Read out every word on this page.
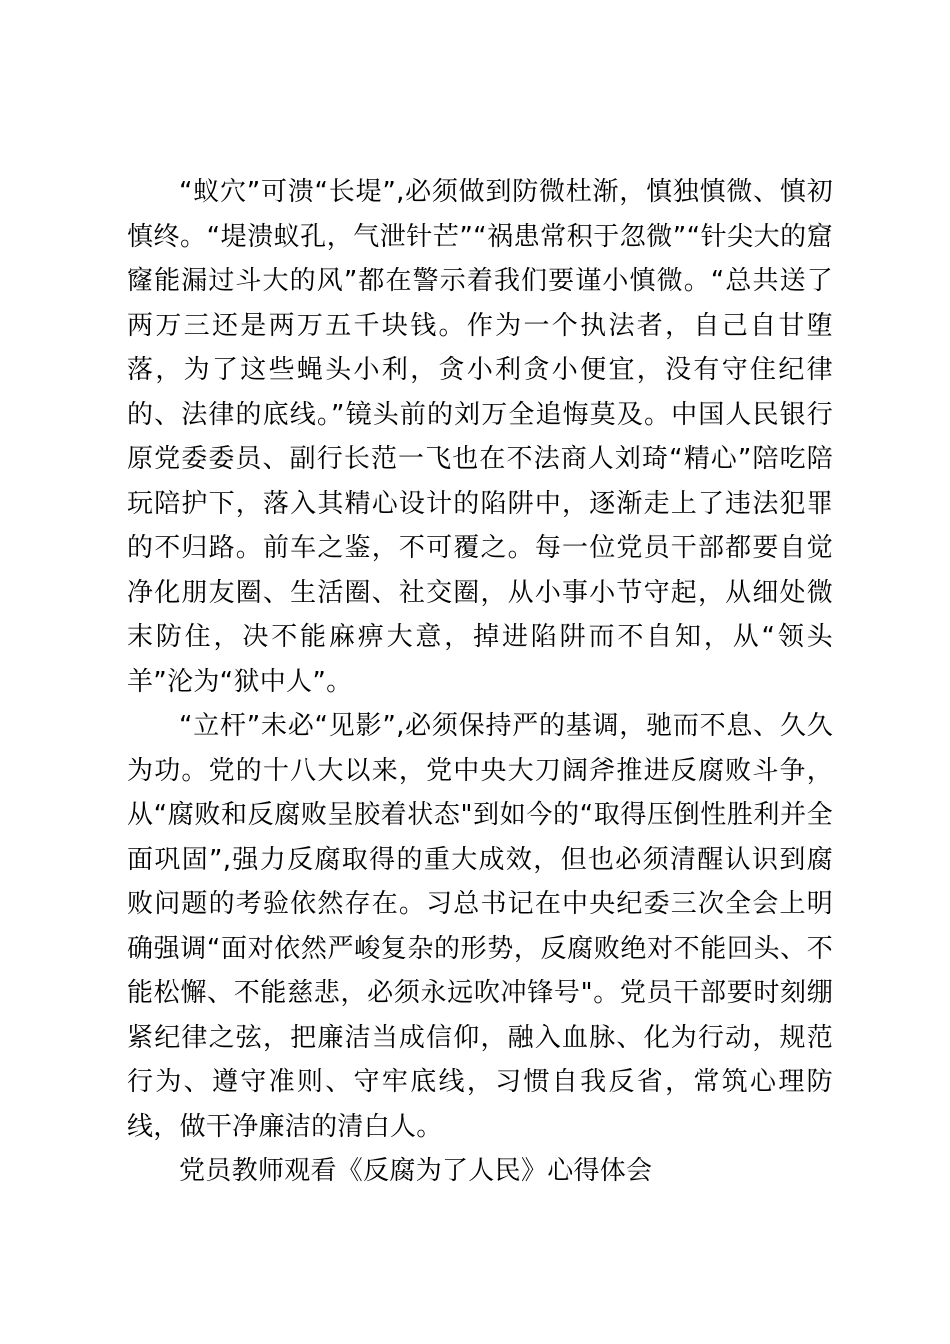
“蚁穴”可溃“长堤”,必须做到防微杜渐，慎独慎微、慎初慎终。“堤溃蚁孔，气泄针芒”“祸患常积于忽微”“针尖大的窟窿能漏过斗大的风”都在警示着我们要谨小慎微。“总共送了两万三还是两万五千块钱。作为一个执法者，自己自甘堕落，为了这些蝇头小利，贪小利贪小便宜，没有守住纪律的、法律的底线。”镜头前的刘万全追悔莫及。中国人民银行原党委委员、副行长范一飞也在不法商人刘琦“精心”陪吃陪玩陪护下，落入其精心设计的陷阱中，逐渐走上了违法犯罪的不归路。前车之鉴，不可覆之。每一位党员干部都要自觉净化朋友圈、生活圈、社交圈，从小事小节守起，从细处微末防住，决不能麻痹大意，掉进陷阱而不自知，从“领头羊”沦为“狱中人”。

“立杆”未必“见影”,必须保持严的基调，驰而不息、久久为功。党的十八大以来，党中央大刀阔斧推进反腐败斗争，从“腐败和反腐败呈胶着状态"到如今的“取得压倒性胜利并全面巩固”,强力反腐取得的重大成效，但也必须清醒认识到腐败问题的考验依然存在。习总书记在中央纪委三次全会上明确强调“面对依然严峻复杂的形势，反腐败绝对不能回头、不能松懈、不能慈悲，必须永远吹冲锋号"。党员干部要时刻绷紧纪律之弦，把廉洁当成信仰，融入血脉、化为行动，规范行为、遵守准则、守牢底线，习惯自我反省，常筑心理防线，做干净廉洁的清白人。

党员教师观看《反腐为了人民》心得体会
